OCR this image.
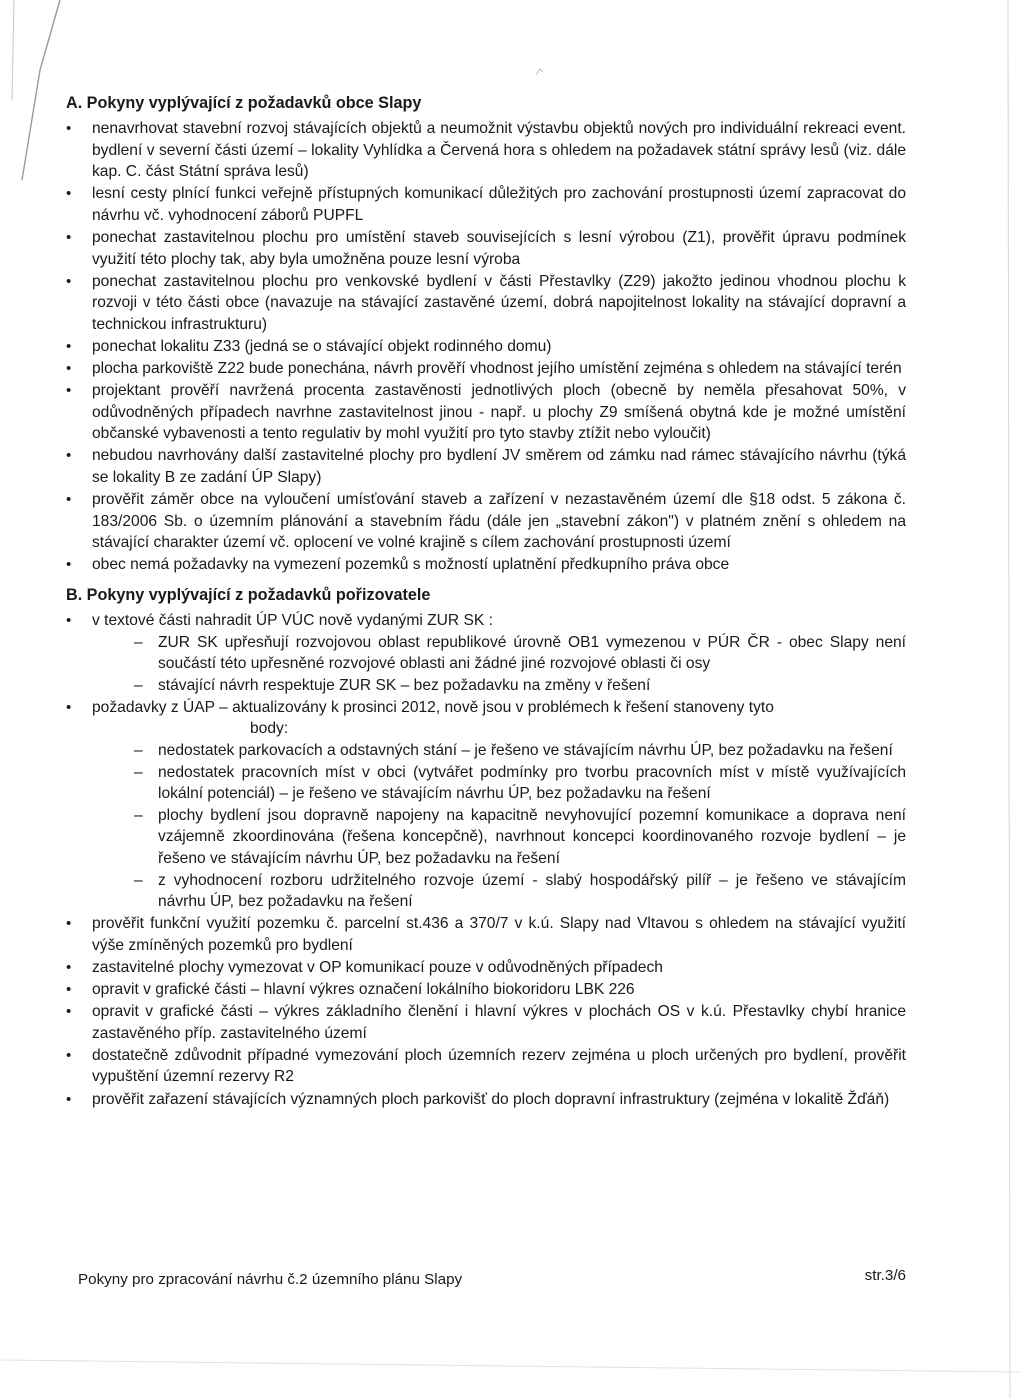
A. Pokyny vyplývající z požadavků obce Slapy
• nenavrhovat stavební rozvoj stávajících objektů a neumožnit výstavbu objektů nových pro individuální rekreaci event. bydlení v severní části území – lokality Vyhlídka a Červená hora s ohledem na požadavek státní správy lesů (viz. dále kap. C. část Státní správa lesů)
• lesní cesty plnící funkci veřejně přístupných komunikací důležitých pro zachování prostupnosti území zapracovat do návrhu vč. vyhodnocení záborů PUPFL
• ponechat zastavitelnou plochu pro umístění staveb souvisejících s lesní výrobou (Z1), prověřit úpravu podmínek využití této plochy tak, aby byla umožněna pouze lesní výroba
• ponechat zastavitelnou plochu pro venkovské bydlení v části Přestavlky (Z29) jakožto jedinou vhodnou plochu k rozvoji v této části obce (navazuje na stávající zastavěné území, dobrá napojitelnost lokality na stávající dopravní a technickou infrastrukturu)
• ponechat lokalitu Z33 (jedná se o stávající objekt rodinného domu)
• plocha parkoviště Z22 bude ponechána, návrh prověří vhodnost jejího umístění zejména s ohledem na stávající terén
• projektant prověří navržená procenta zastavěnosti jednotlivých ploch (obecně by neměla přesahovat 50%, v odůvodněných případech navrhne zastavitelnost jinou - např. u plochy Z9 smíšená obytná kde je možné umístění občanské vybavenosti a tento regulativ by mohl využití pro tyto stavby ztížit nebo vyloučit)
• nebudou navrhovány další zastavitelné plochy pro bydlení JV směrem od zámku nad rámec stávajícího návrhu (týká se lokality B ze zadání ÚP Slapy)
• prověřit záměr obce na vyloučení umísťování staveb a zařízení v nezastavěném území dle §18 odst. 5 zákona č. 183/2006 Sb. o územním plánování a stavebním řádu (dále jen „stavební zákon") v platném znění s ohledem na stávající charakter území vč. oplocení ve volné krajině s cílem zachování prostupnosti území
• obec nemá požadavky na vymezení pozemků s možností uplatnění předkupního práva obce
B. Pokyny vyplývající z požadavků pořizovatele
• v textové části nahradit ÚP VÚC nově vydanými ZUR SK :
– ZUR SK upřesňují rozvojovou oblast republikové úrovně OB1 vymezenou v PÚR ČR - obec Slapy není součástí této upřesněné rozvojové oblasti ani žádné jiné rozvojové oblasti či osy
– stávající návrh respektuje ZUR SK – bez požadavku na změny v řešení
• požadavky z ÚAP – aktualizovány k prosinci 2012, nově jsou v problémech k řešení stanoveny tyto
body:
– nedostatek parkovacích a odstavných stání – je řešeno ve stávajícím návrhu ÚP, bez požadavku na řešení
– nedostatek pracovních míst v obci (vytvářet podmínky pro tvorbu pracovních míst v místě využívajících lokální potenciál) – je řešeno ve stávajícím návrhu ÚP, bez požadavku na řešení
– plochy bydlení jsou dopravně napojeny na kapacitně nevyhovující pozemní komunikace a doprava není vzájemně zkoordinována (řešena koncepčně), navrhnout koncepci koordinovaného rozvoje bydlení – je řešeno ve stávajícím návrhu ÚP, bez požadavku na řešení
– z vyhodnocení rozboru udržitelného rozvoje území - slabý hospodářský pilíř – je řešeno ve stávajícím návrhu ÚP, bez požadavku na řešení
• prověřit funkční využití pozemku č. parcelní st.436 a 370/7 v k.ú. Slapy nad Vltavou s ohledem na stávající využití výše zmíněných pozemků pro bydlení
• zastavitelné plochy vymezovat v OP komunikací pouze v odůvodněných případech
• opravit v grafické části – hlavní výkres označení lokálního biokoridoru LBK 226
• opravit v grafické části – výkres základního členění i hlavní výkres v plochách OS v k.ú. Přestavlky chybí hranice zastavěného příp. zastavitelného území
• dostatečně zdůvodnit případné vymezování ploch územních rezerv zejména u ploch určených pro bydlení, prověřit vypuštění územní rezervy R2
• prověřit zařazení stávajících významných ploch parkovišť do ploch dopravní infrastruktury (zejména v lokalitě Žďáň)
Pokyny pro zpracování návrhu č.2 územního plánu Slapy	str.3/6
